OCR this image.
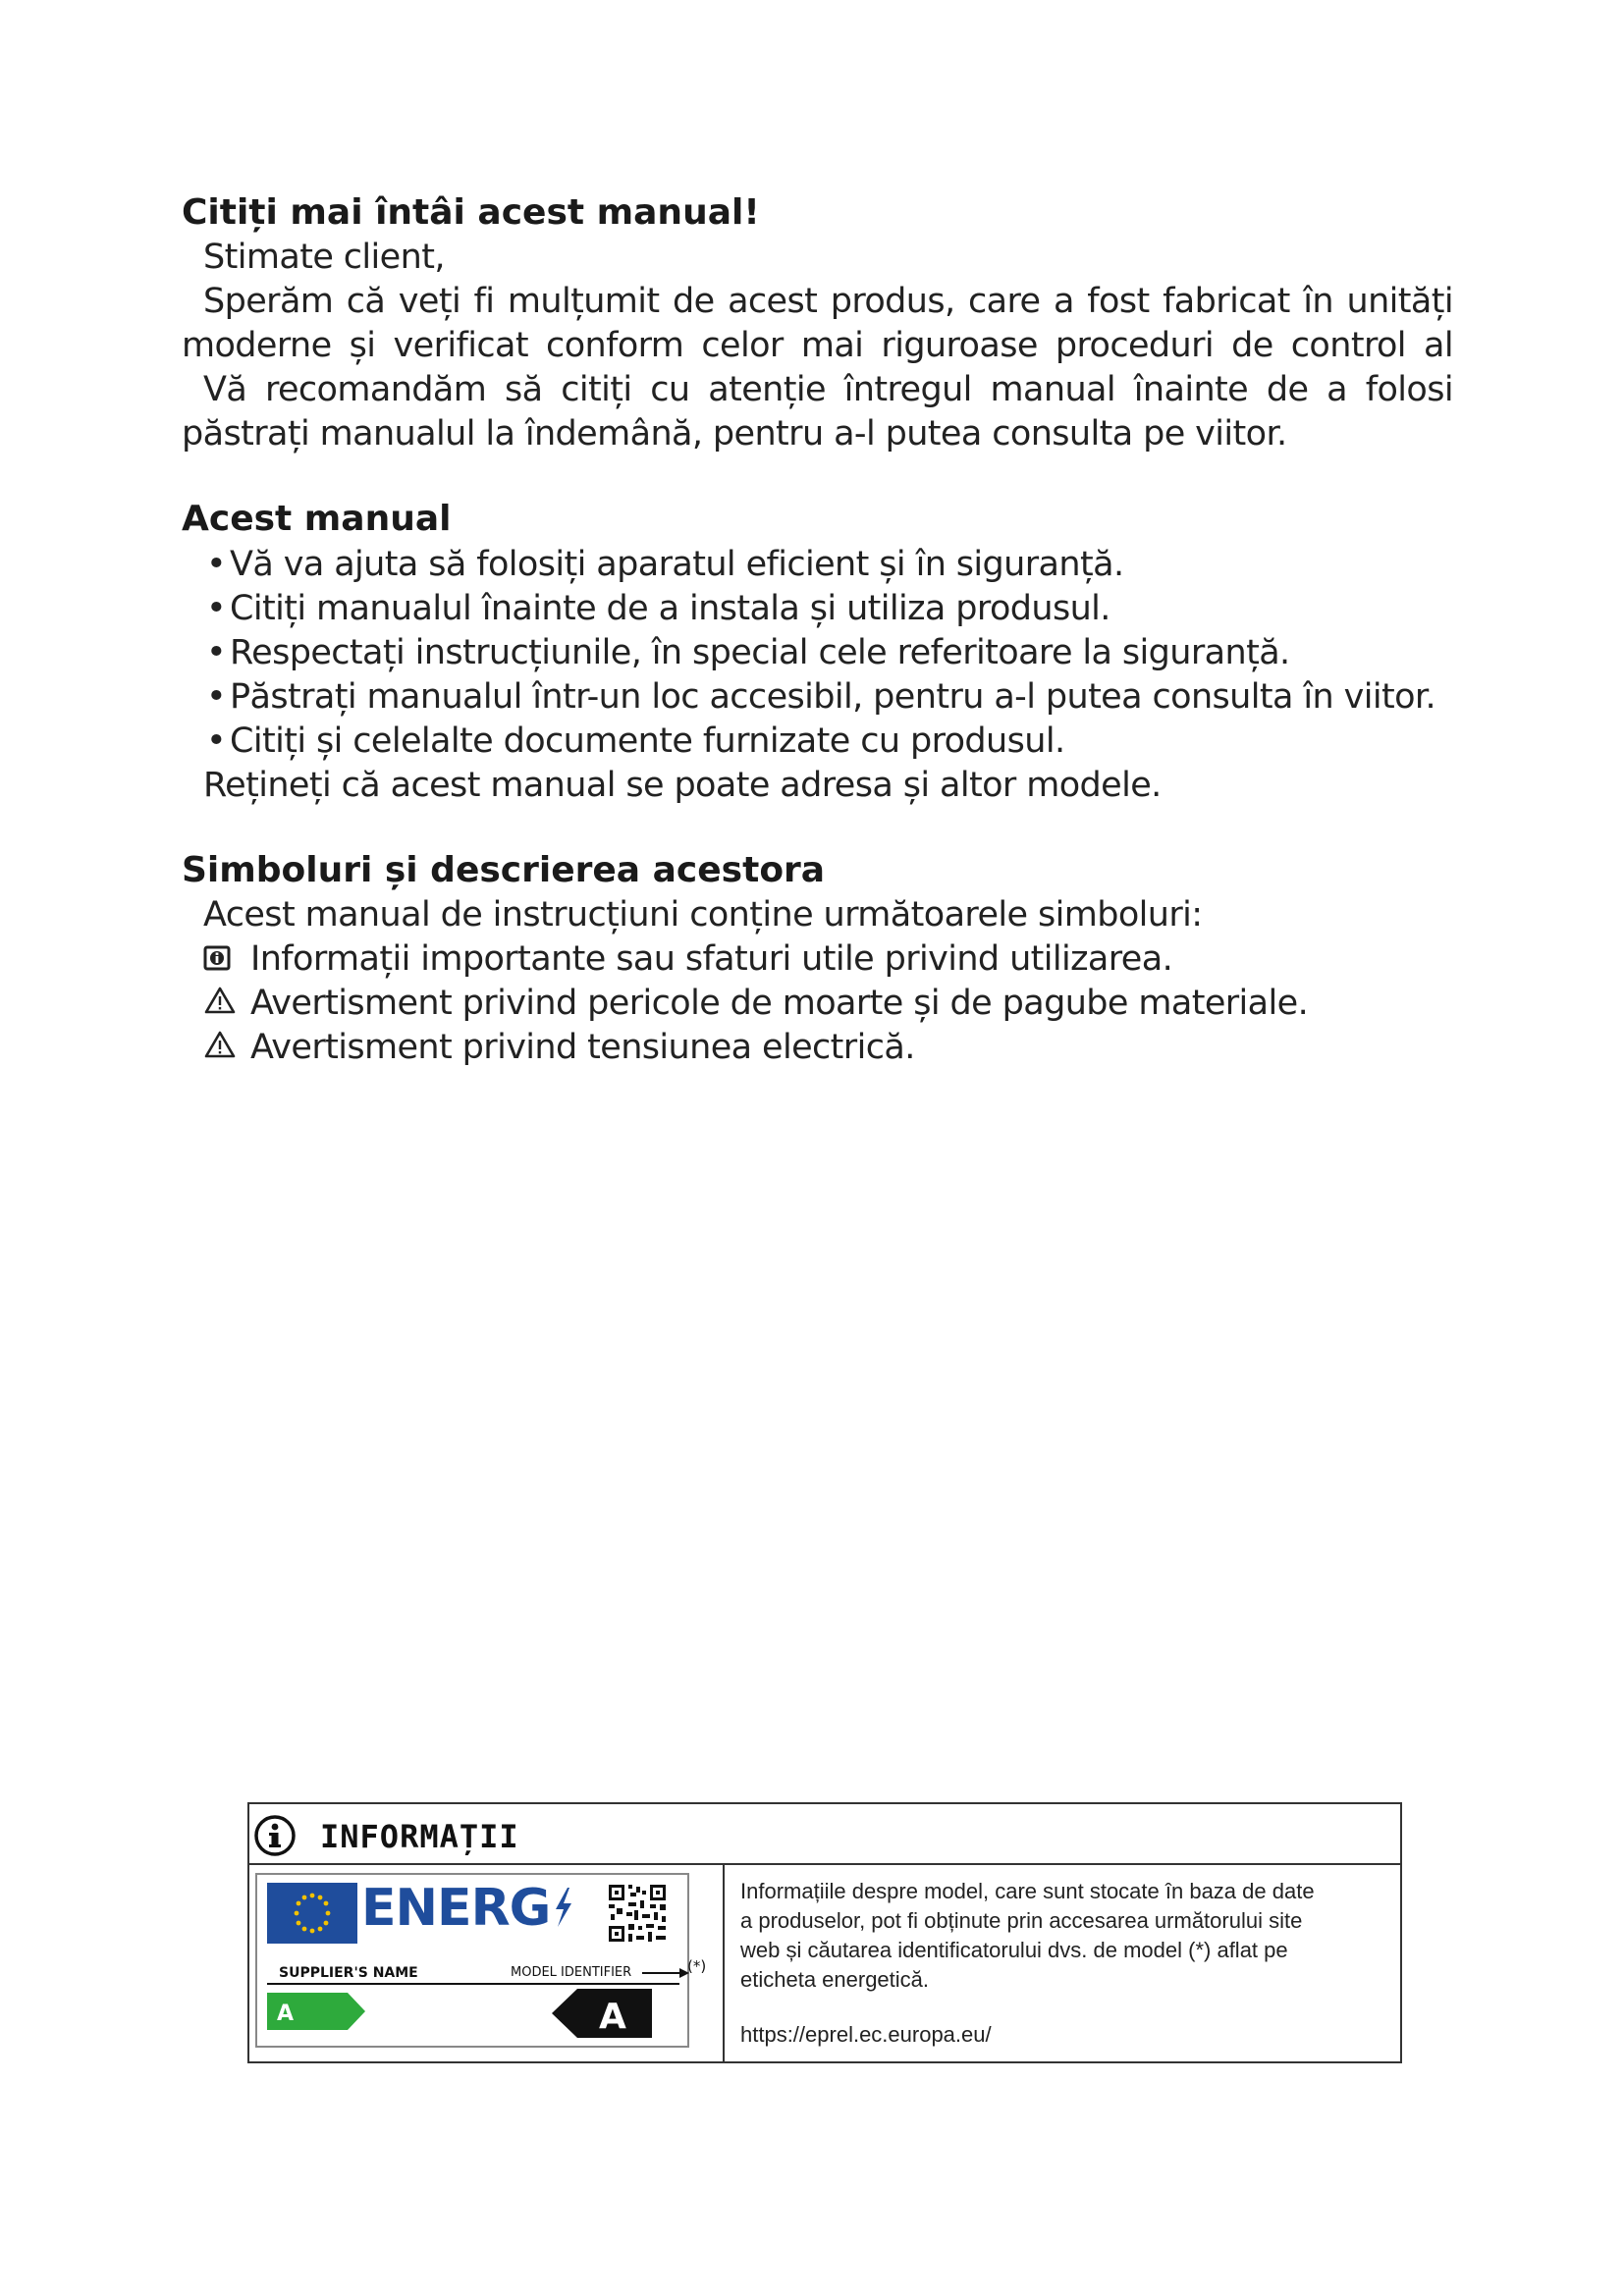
Citiți mai întâi acest manual!
Stimate client,
Sperăm că veți fi mulțumit de acest produs, care a fost fabricat în unități
moderne și verificat conform celor mai riguroase proceduri de control al
Vă recomandăm să citiți cu atenție întregul manual înainte de a folosi
păstrați manualul la îndemână, pentru a-l putea consulta pe viitor.
Acest manual
• Vă va ajuta să folosiți aparatul eficient și în siguranță.
• Citiți manualul înainte de a instala și utiliza produsul.
• Respectați instrucțiunile, în special cele referitoare la siguranță.
• Păstrați manualul într-un loc accesibil, pentru a-l putea consulta în viitor.
• Citiți și celelalte documente furnizate cu produsul.
Rețineți că acest manual se poate adresa și altor modele.
Simboluri și descrierea acestora
Acest manual de instrucțiuni conține următoarele simboluri:
Informații importante sau sfaturi utile privind utilizarea.
Avertisment privind pericole de moarte și de pagube materiale.
Avertisment privind tensiunea electrică.
INFORMAȚII
ENERG
SUPPLIER'S NAME	MODEL IDENTIFIER
A	A
(*)
Informațiile despre model, care sunt stocate în baza de date
a produselor, pot fi obținute prin accesarea următorului site
web și căutarea identificatorului dvs. de model (*) aflat pe
eticheta energetică.
https://eprel.ec.europa.eu/
